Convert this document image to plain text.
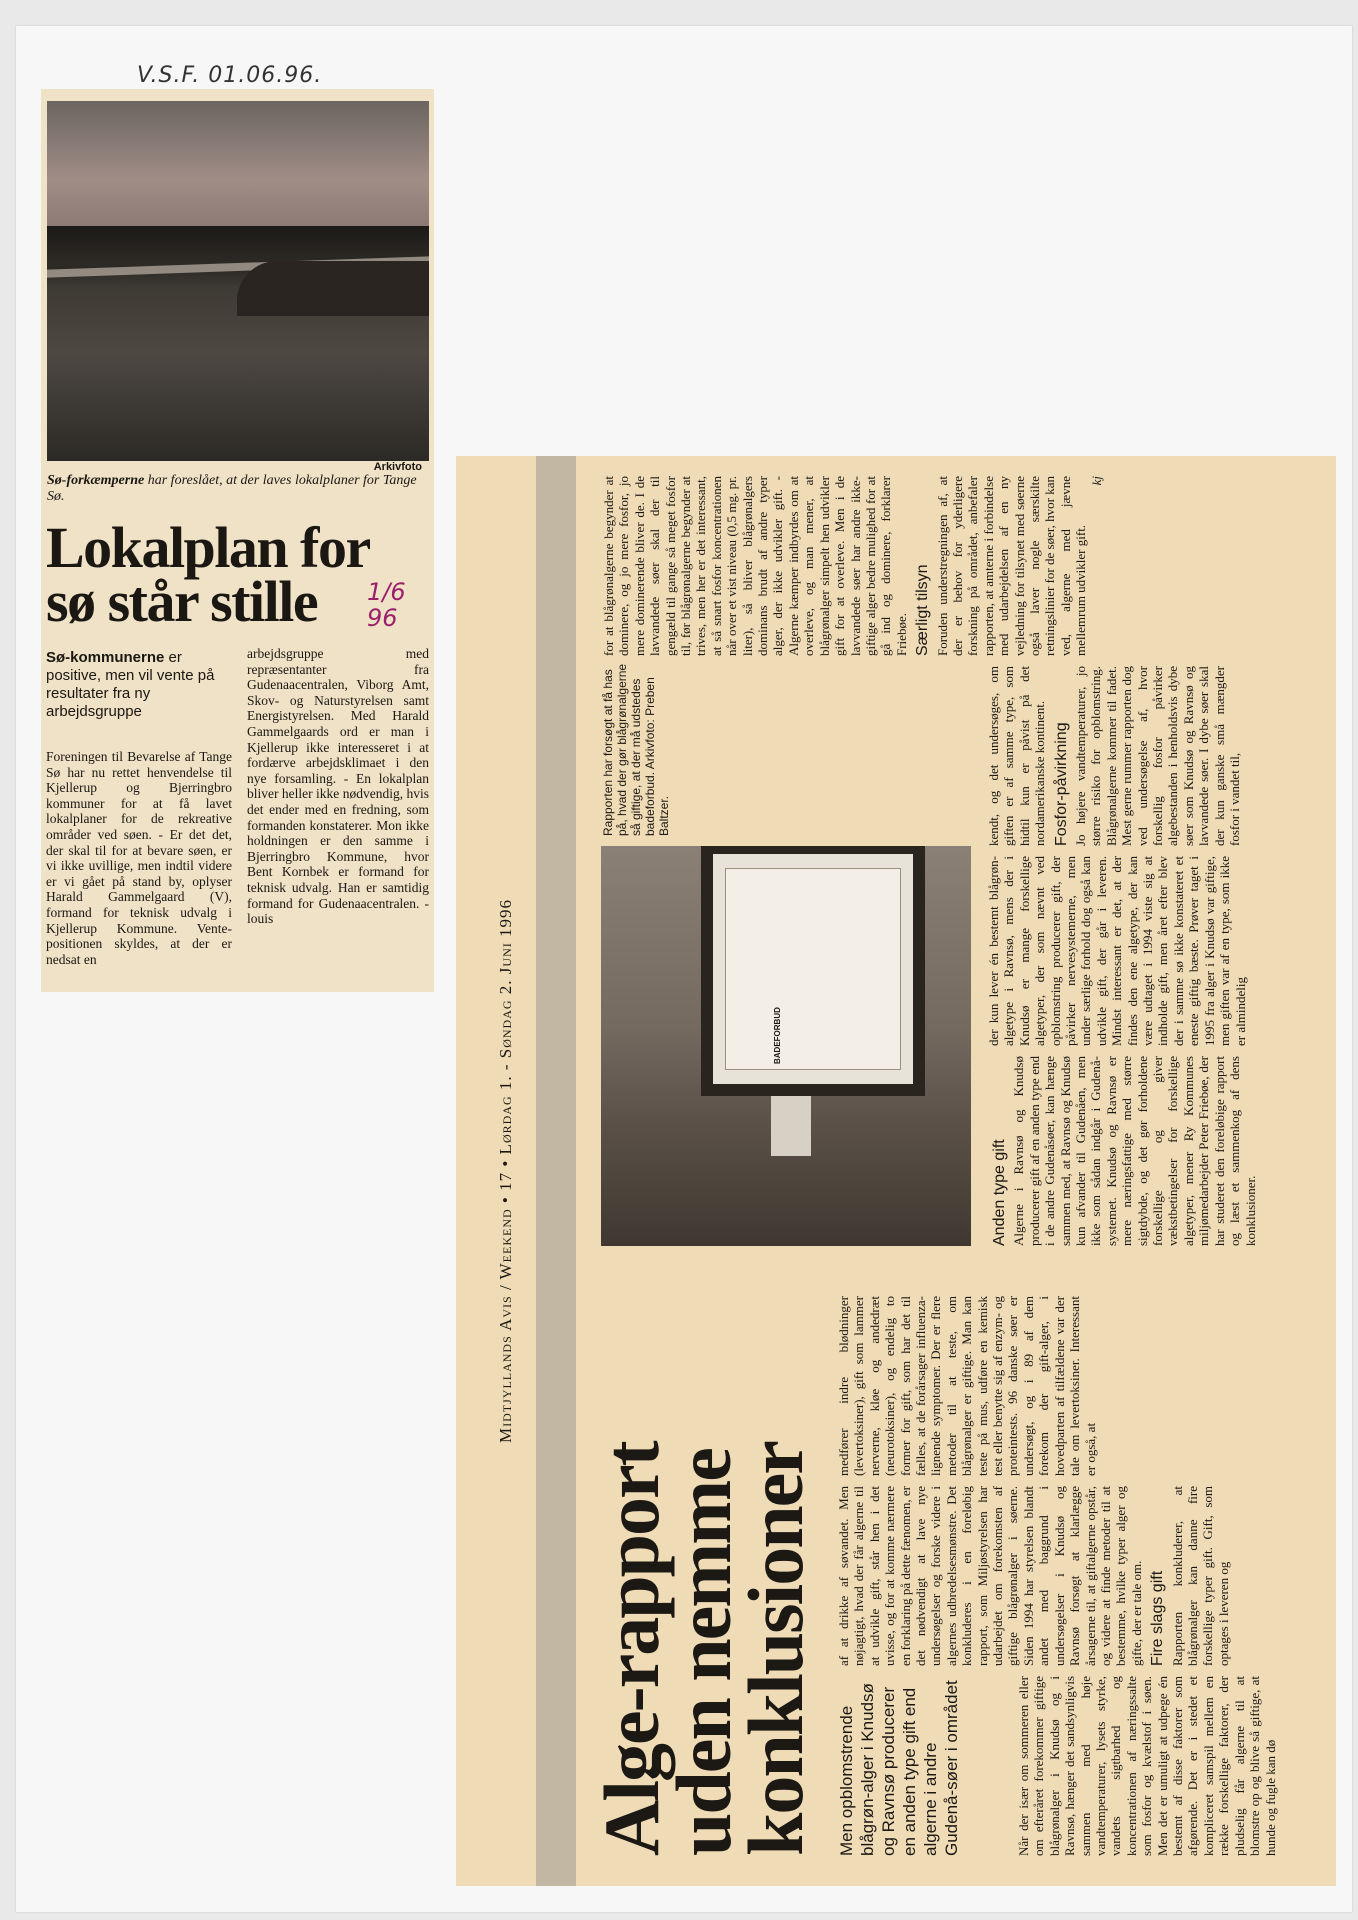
V.S.F. 01.06.96.
Arkivfoto
Sø-forkæmperne har foreslået, at der laves lokalplaner for Tange Sø.
Lokalplan for sø står stille	1/6 96
Sø-kommunerne er positive, men vil vente på resultater fra ny arbejdsgruppe
Foreningen til Bevarelse af Tange Sø har nu rettet henvendelse til Kjellerup og Bjerringbro kommuner for at få lavet lokalplaner for de rekreative områder ved søen. - Er det det, der skal til for at bevare søen, er vi ikke uvillige, men indtil videre er vi gået på stand by, oplyser Harald Gammelgaard (V), formand for teknisk udvalg i Kjellerup Kommune. Vente-positionen skyldes, at der er nedsat en
arbejdsgruppe med repræsentanter fra Gudenaacentralen, Viborg Amt, Skov- og Naturstyrelsen samt Energistyrelsen. Med Harald Gammelgaards ord er man i Kjellerup ikke interesseret i at fordærve arbejdsklimaet i den nye forsamling. - En lokalplan bliver heller ikke nødvendig, hvis det ender med en fredning, som formanden konstaterer. Mon ikke holdningen er den samme i Bjerringbro Kommune, hvor Bent Kornbek er formand for teknisk udvalg. Han er samtidig formand for Gudenaacentralen. -louis	Midtjyllands Avis / Weekend • 17 • Lørdag 1. - Søndag 2. Juni 1996
Alge-rapport uden nemme konklusioner Men opblomstrende blågrøn-alger i Knudsø og Ravnsø producerer en anden type gift end algerne i andre Gudenå-søer i området	Når der især om sommeren eller om efteråret forekommer giftige blågrønalger i Knudsø og i Ravnsø, hænger det sandsynligvis sammen med høje vandtemperaturer, lysets styrke, vandets sigtbarhed og koncentrationen af næringssalte som fosfor og kvælstof i søen. Men det er umuligt at udpege én bestemt af disse faktorer som afgørende. Det er i stedet et kompliceret samspil mellem en række forskellige faktorer, der pludselig får algerne til at blomstre op og blive så giftige, at hunde og fugle kan dø
af at drikke af søvandet. Men nøjagtigt, hvad der får algerne til at udvikle gift, står hen i det uvisse, og for at komme nærmere en forklaring på dette fænomen, er det nødvendigt at lave nye undersøgelser og forske videre i algernes udbredelsesmønstre. Det konkluderes i en foreløbig rapport, som Miljøstyrelsen har udarbejdet om forekomsten af giftige blågrønalger i søerne. Siden 1994 har styrelsen blandt andet med baggrund i undersøgelser i Knudsø og Ravnsø forsøgt at klarlægge årsagerne til, at giftalgerne opstår, og videre at finde metoder til at bestemme, hvilke typer alger og gifte, der er tale om. Fire slags gift Rapporten konkluderer, at blågrønalger kan danne fire forskellige typer gift. Gift, som optages i leveren og
medfører indre blødninger (levertoksiner), gift som lammer nerverne, kløe og andedræt (neurotoksiner), og endelig to former for gift, som har det til fælles, at de forårsager influenza-lignende symptomer. Der er flere metoder til at teste, om blågrønalger er giftige. Man kan teste på mus, udføre en kemisk test eller benytte sig af enzym- og proteintests. 96 danske søer er undersøgt, og i 89 af dem forekom der gift-alger, i hovedparten af tilfældene var der tale om levertoksiner. Interessant er også, at
BADEFORBUD
Anden type gift Algerne i Ravnsø og Knudsø producerer gift af en anden type end i de andre Gudenåsøer, kan hænge sammen med, at Ravnsø og Knudsø kun afvander til Gudenåen, men ikke som sådan indgår i Gudenå-systemet. Knudsø og Ravnsø er mere næringsfattige med større sigtdybde, og det gør forholdene forskellige og giver vækstbetingelser for forskellige algetyper, mener Ry Kommunes miljømedarbejder Peter Friebøe, der har studeret den foreløbige rapport og læst et sammenkog af dens konklusioner.
der kun lever én bestemt blågrøn-algetype i Ravnsø, mens der i Knudsø er mange forskellige algetyper, der som nævnt ved opblomstring producerer gift, der påvirker nervesystemerne, men under særlige forhold dog også kan udvikle gift, der går i leveren. Mindst interessant er det, at der findes den ene algetype, der kan være udtaget i 1994 viste sig at indholde gift, men året efter blev der i samme sø ikke konstateret et eneste giftig bæste. Prøver taget i 1995 fra alger i Knudsø var giftige, men giften var af en type, som ikke er almindelig
kendt, og det undersøges, om giften er af samme type, som hidtil kun er påvist på det nordamerikanske kontinent. Fosfor-påvirkning Jo højere vandtemperaturer, jo større risiko for opblomstring. Blågrønalgerne kommer til fadet. Mest gerne rummer rapporten dog ved undersøgelse af, hvor forskellig fosfor påvirker algebestanden i henholdsvis dybe søer som Knudsø og Ravnsø og lavvandede søer. I dybe søer skal der kun ganske små mængder fosfor i vandet til,
Rapporten har forsøgt at få has på, hvad der gør blågrønalgerne så giftige, at der må udstedes badeforbud. Arkivfoto: Preben Baltzer.
for at blågrønalgerne begynder at dominere, og jo mere fosfor, jo mere dominerende bliver de. I de lavvandede søer skal der til gengæld til gange så meget fosfor til, før blågrønalgerne begynder at trives, men her er det interessant, at så snart fosfor koncentrationen når over et vist niveau (0,5 mg. pr. liter), så bliver blågrønalgers dominans brudt af andre typer alger, der ikke udvikler gift. - Algerne kæmper indbyrdes om at overleve, og man mener, at blågrønalger simpelt hen udvikler gift for at overleve. Men i de lavvandede søer har andre ikke-giftige alger bedre mulighed for at gå ind og dominere, forklarer Friebøe. Særligt tilsyn Foruden understregningen af, at der er behov for yderligere forskning på området, anbefaler rapporten, at amterne i forbindelse med udarbejdelsen af en ny vejledning for tilsynet med søerne også laver nogle særskilte retningslinier for de søer, hvor kan ved, algerne med jævne mellemrum udvikler gift.
kj
